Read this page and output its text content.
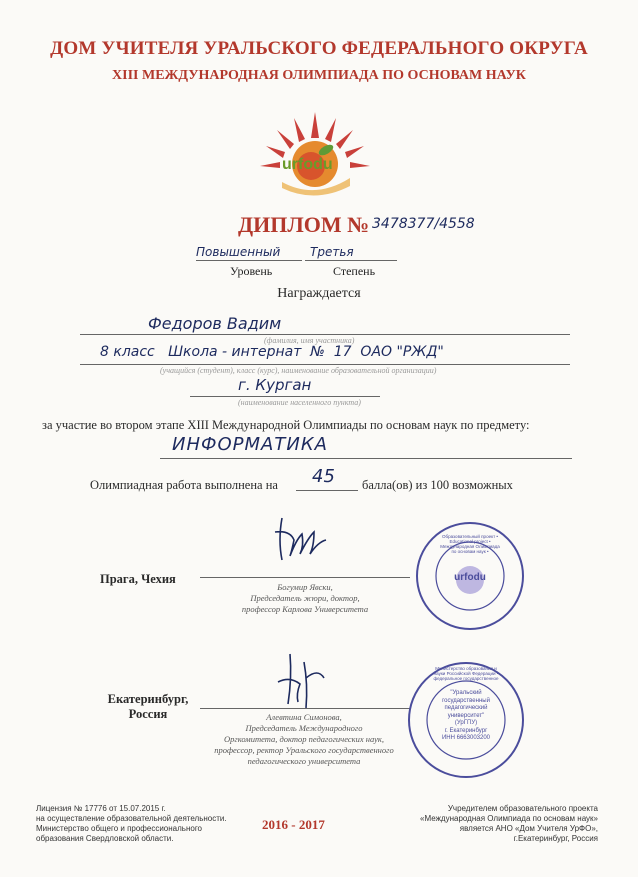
ДОМ УЧИТЕЛЯ УРАЛЬСКОГО ФЕДЕРАЛЬНОГО ОКРУГА
XIII МЕЖДУНАРОДНАЯ ОЛИМПИАДА ПО ОСНОВАМ НАУК
urfodu
ДИПЛОМ № 3478377/4558
Повышенный
Уровень
Третья
Степень
Награждается
Федоров Вадим
(фамилия, имя участника)
8 класс   Школа - интернат  №  17  ОАО "РЖД"
(учащийся (студент), класс (курс), наименование образовательной организации)
г. Курган
(наименование населенного пункта)
за участие во втором этапе XIII Международной Олимпиады по основам наук по предмету:
ИНФОРМАТИКА
Олимпиадная работа выполнена на 45 балла(ов) из 100 возможных
Прага, Чехия
Богумир Явски,
Председатель жюри, доктор,
профессор Карлова Университета
Образовательный проект • Educational project • Международная Олимпиада по основам наук •
urfodu
Екатеринбург,
Россия	Алевтина Симонова,
Председатель Международного
Оргкомитета, доктор педагогических наук,
профессор, ректор Уральского государственного
педагогического университета
Министерство образования и науки Российской Федерации • федеральное государственное
"Уральский
государственный
педагогический
университет"
(УрГПУ)
г. Екатеринбург
ИНН 6663003200
Лицензия № 17776 от 15.07.2015 г.
на осуществление образовательной деятельности.
Министерство общего и профессионального
образования Свердловской области.
2016 - 2017
Учредителем образовательного проекта
«Международная Олимпиада по основам наук»
является АНО «Дом Учителя УрФО»,
г.Екатеринбург, Россия
